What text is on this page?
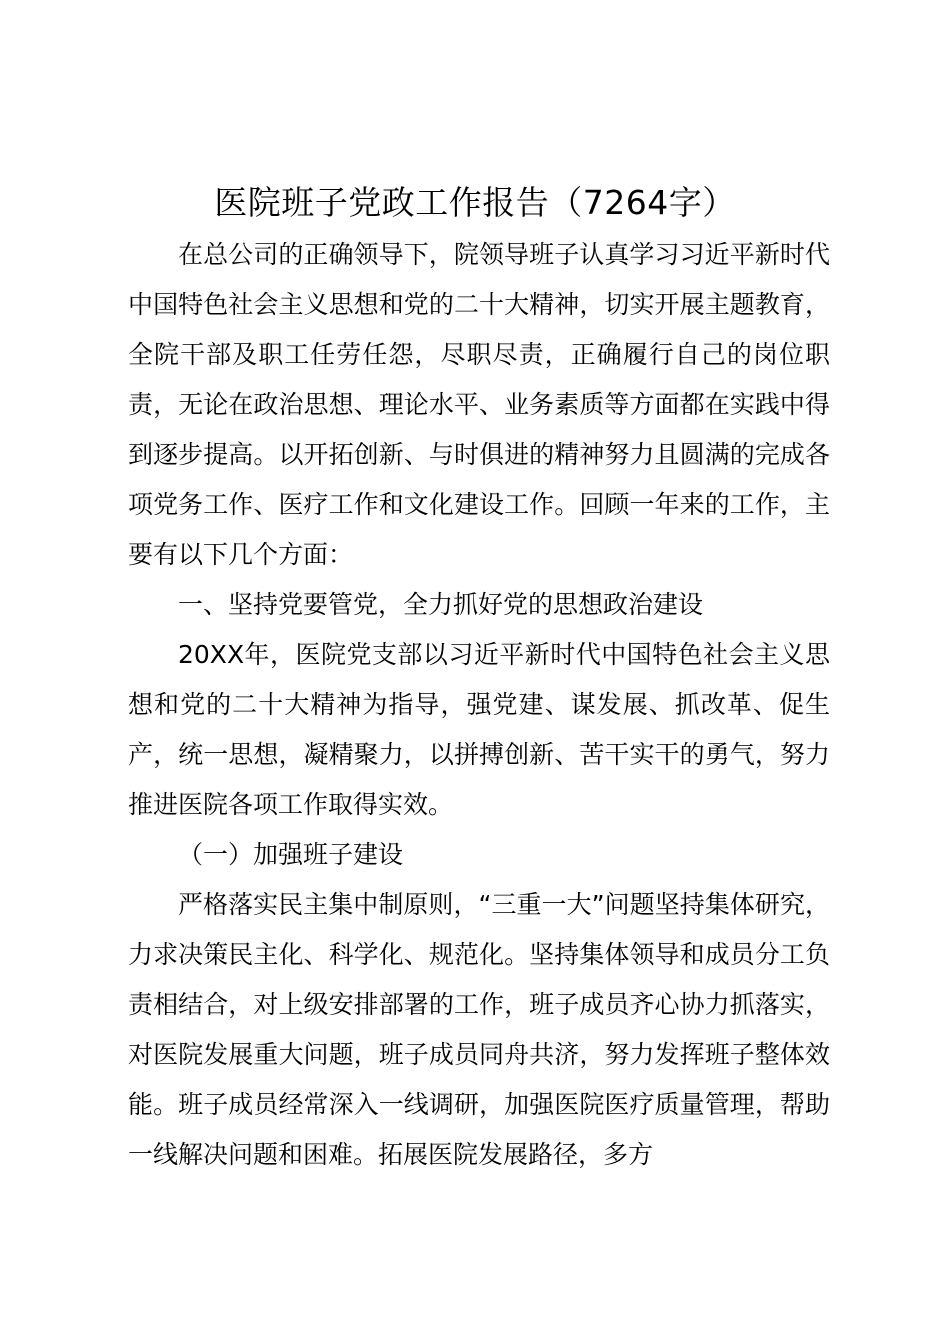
医院班子党政工作报告（7264字）

在总公司的正确领导下，院领导班子认真学习习近平新时代中国特色社会主义思想和党的二十大精神，切实开展主题教育，全院干部及职工任劳任怨，尽职尽责，正确履行自己的岗位职责，无论在政治思想、理论水平、业务素质等方面都在实践中得到逐步提高。以开拓创新、与时俱进的精神努力且圆满的完成各项党务工作、医疗工作和文化建设工作。回顾一年来的工作，主要有以下几个方面：

一、坚持党要管党，全力抓好党的思想政治建设

20XX年，医院党支部以习近平新时代中国特色社会主义思想和党的二十大精神为指导，强党建、谋发展、抓改革、促生产，统一思想，凝精聚力，以拼搏创新、苦干实干的勇气，努力推进医院各项工作取得实效。

（一）加强班子建设

严格落实民主集中制原则，“三重一大”问题坚持集体研究，力求决策民主化、科学化、规范化。坚持集体领导和成员分工负责相结合，对上级安排部署的工作，班子成员齐心协力抓落实，对医院发展重大问题，班子成员同舟共济，努力发挥班子整体效能。班子成员经常深入一线调研，加强医院医疗质量管理，帮助一线解决问题和困难。拓展医院发展路径，多方
